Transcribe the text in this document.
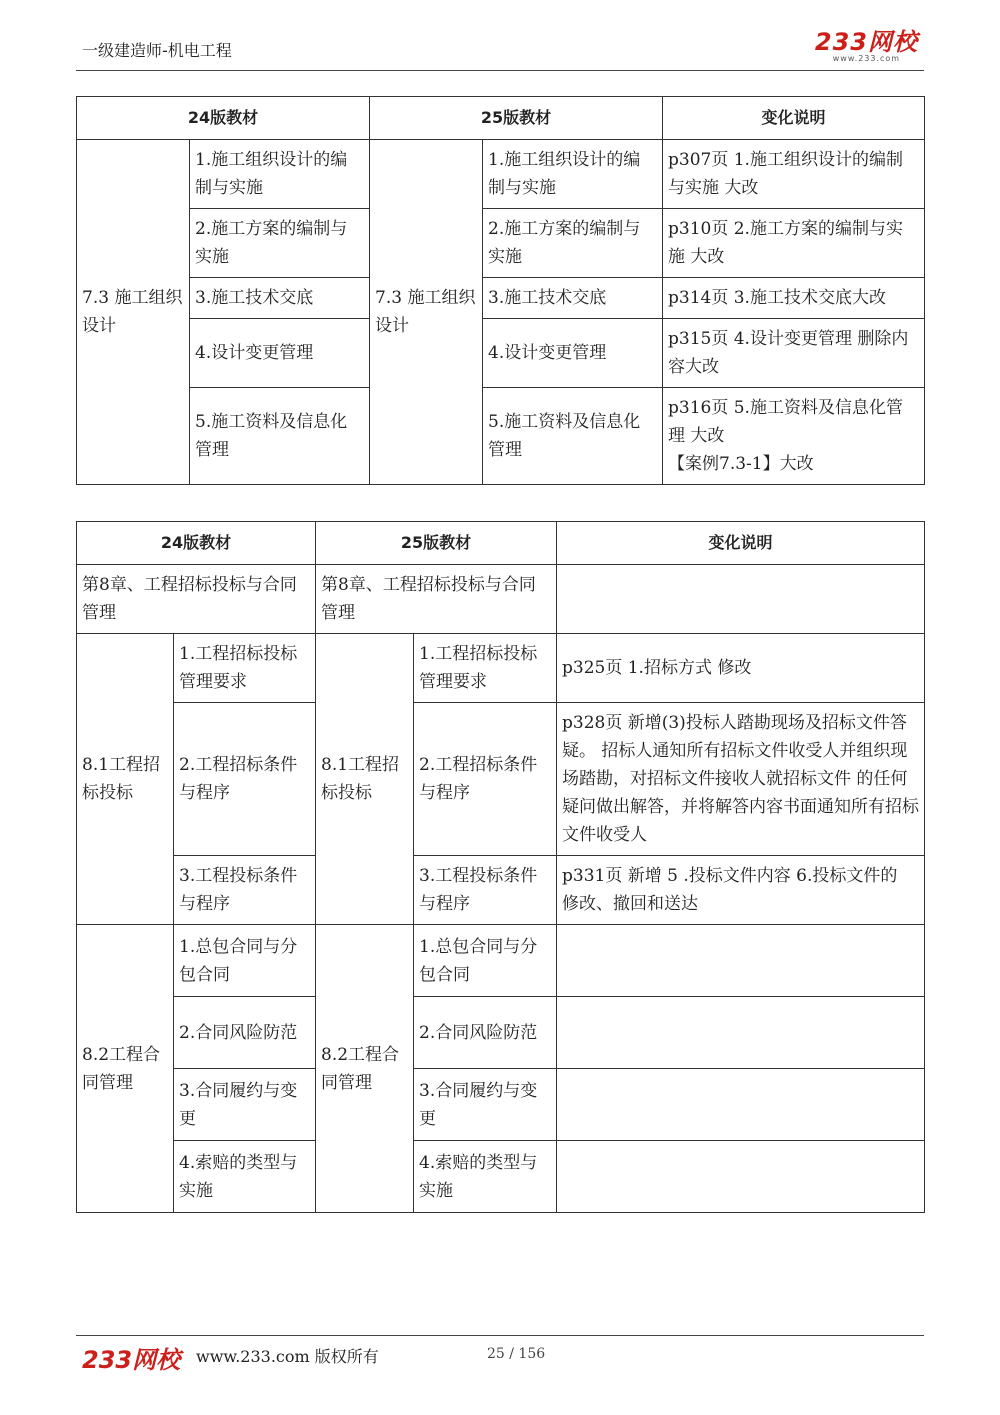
一级建造师-机电工程	233网校
www.233.com
24版教材		25版教材		变化说明
7.3 施工组织设计	1.施工组织设计的编制与实施	7.3 施工组织设计	1.施工组织设计的编制与实施	p307页 1.施工组织设计的编制与实施 大改
	2.施工方案的编制与实施		2.施工方案的编制与实施	p310页 2.施工方案的编制与实施 大改
	3.施工技术交底		3.施工技术交底	p314页 3.施工技术交底大改
	4.设计变更管理		4.设计变更管理	p315页 4.设计变更管理 删除内容大改
	5.施工资料及信息化管理		5.施工资料及信息化管理	p316页 5.施工资料及信息化管理 大改
【案例7.3-1】大改
24版教材		25版教材		变化说明
第8章、工程招标投标与合同管理		第8章、工程招标投标与合同管理		
8.1工程招标投标	1.工程招标投标管理要求	8.1工程招标投标	1.工程招标投标管理要求	p325页 1.招标方式 修改
	2.工程招标条件与程序		2.工程招标条件与程序	p328页 新增(3)投标人踏勘现场及招标文件答疑。 招标人通知所有招标文件收受人并组织现场踏勘，对招标文件接收人就招标文件 的任何疑问做出解答，并将解答内容书面通知所有招标文件收受人
	3.工程投标条件与程序		3.工程投标条件与程序	p331页 新增 5 .投标文件内容 6.投标文件的
修改、撤回和送达

8.2工程合同管理	1.总包合同与分包合同	8.2工程合同管理	1.总包合同与分包合同	
	2.合同风险防范		2.合同风险防范	
	3.合同履约与变更		3.合同履约与变更	
	4.索赔的类型与实施		4.索赔的类型与实施	
233网校 www.233.com 版权所有	25 / 156
